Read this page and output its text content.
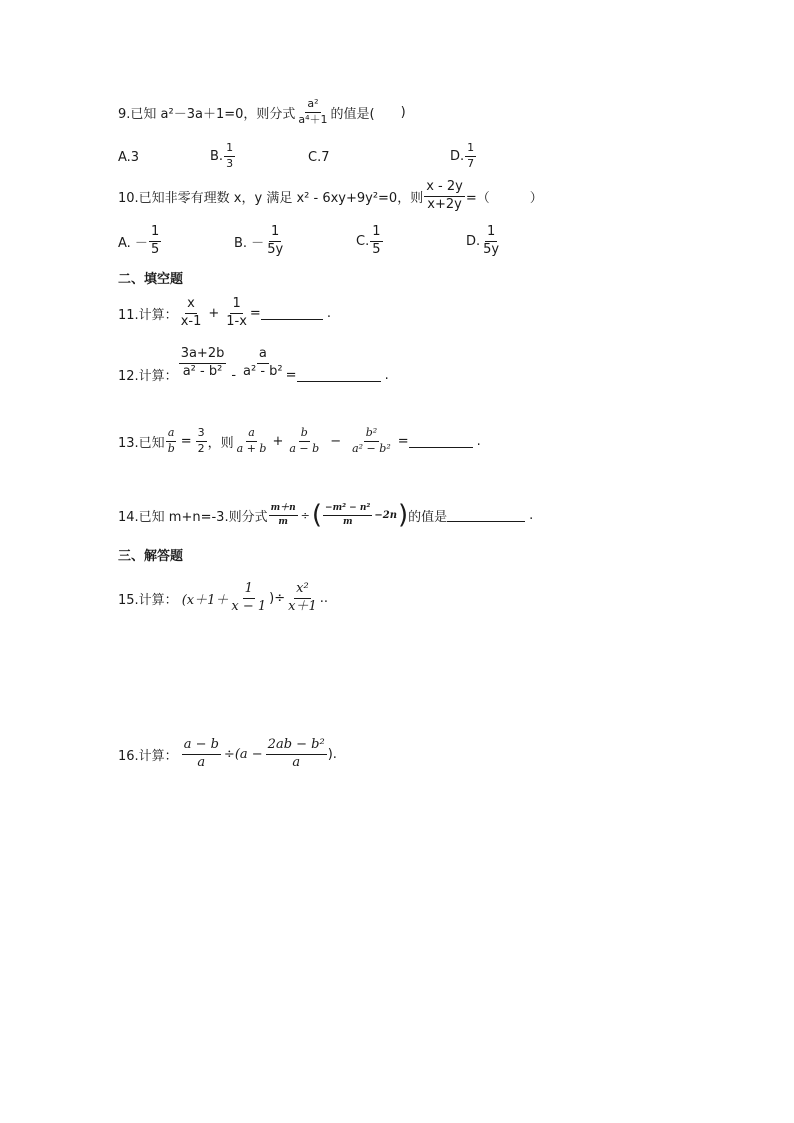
9.已知 a²－3a＋1=0，则分式 $\frac{\text{a²}}{\text{a⁴＋1}}$ 的值是( )
A.3	B. $\frac{1}{3}$	C.7	D. $\frac{1}{7}$
10.已知非零有理数 x，y 满足 x² - 6xy+9y²=0，则 $\frac{x - 2y}{x+2y}$ =（	）
A. － $\frac{1}{5}$	B. － $\frac{1}{5y}$	C. $\frac{1}{5}$	D. $\frac{1}{5y}$
二、填空题
11.计算： $\frac{x}{x-1} + \frac{1}{1-x}$ =	.
12.计算： $\frac{3a+2b}{\text{a² - b²}} - \frac{a}{\text{a² - b²}}$ =	.
13.已知 $\frac{a}{b} = \frac{3}{2}$ ，则 $\frac{a}{a + b} + \frac{b}{a - b} - \frac{\text{b²}}{\text{a² − b²}}$ =	.
14.已知 m+n=-3.则分式 $\frac{m+n}{m}$ ÷ ( $\frac{\text{−m² − n²}}{m} -2n$ ) 的值是	.
三、解答题
15.计算： ($x+1+ \frac{1}{x - 1}$ )÷ $\frac{\text{x²}}{x+1}$ ..
16.计算： $\frac{a - b}{a} \div(a - \frac{\text{2ab − b²}}{a}$ ).
